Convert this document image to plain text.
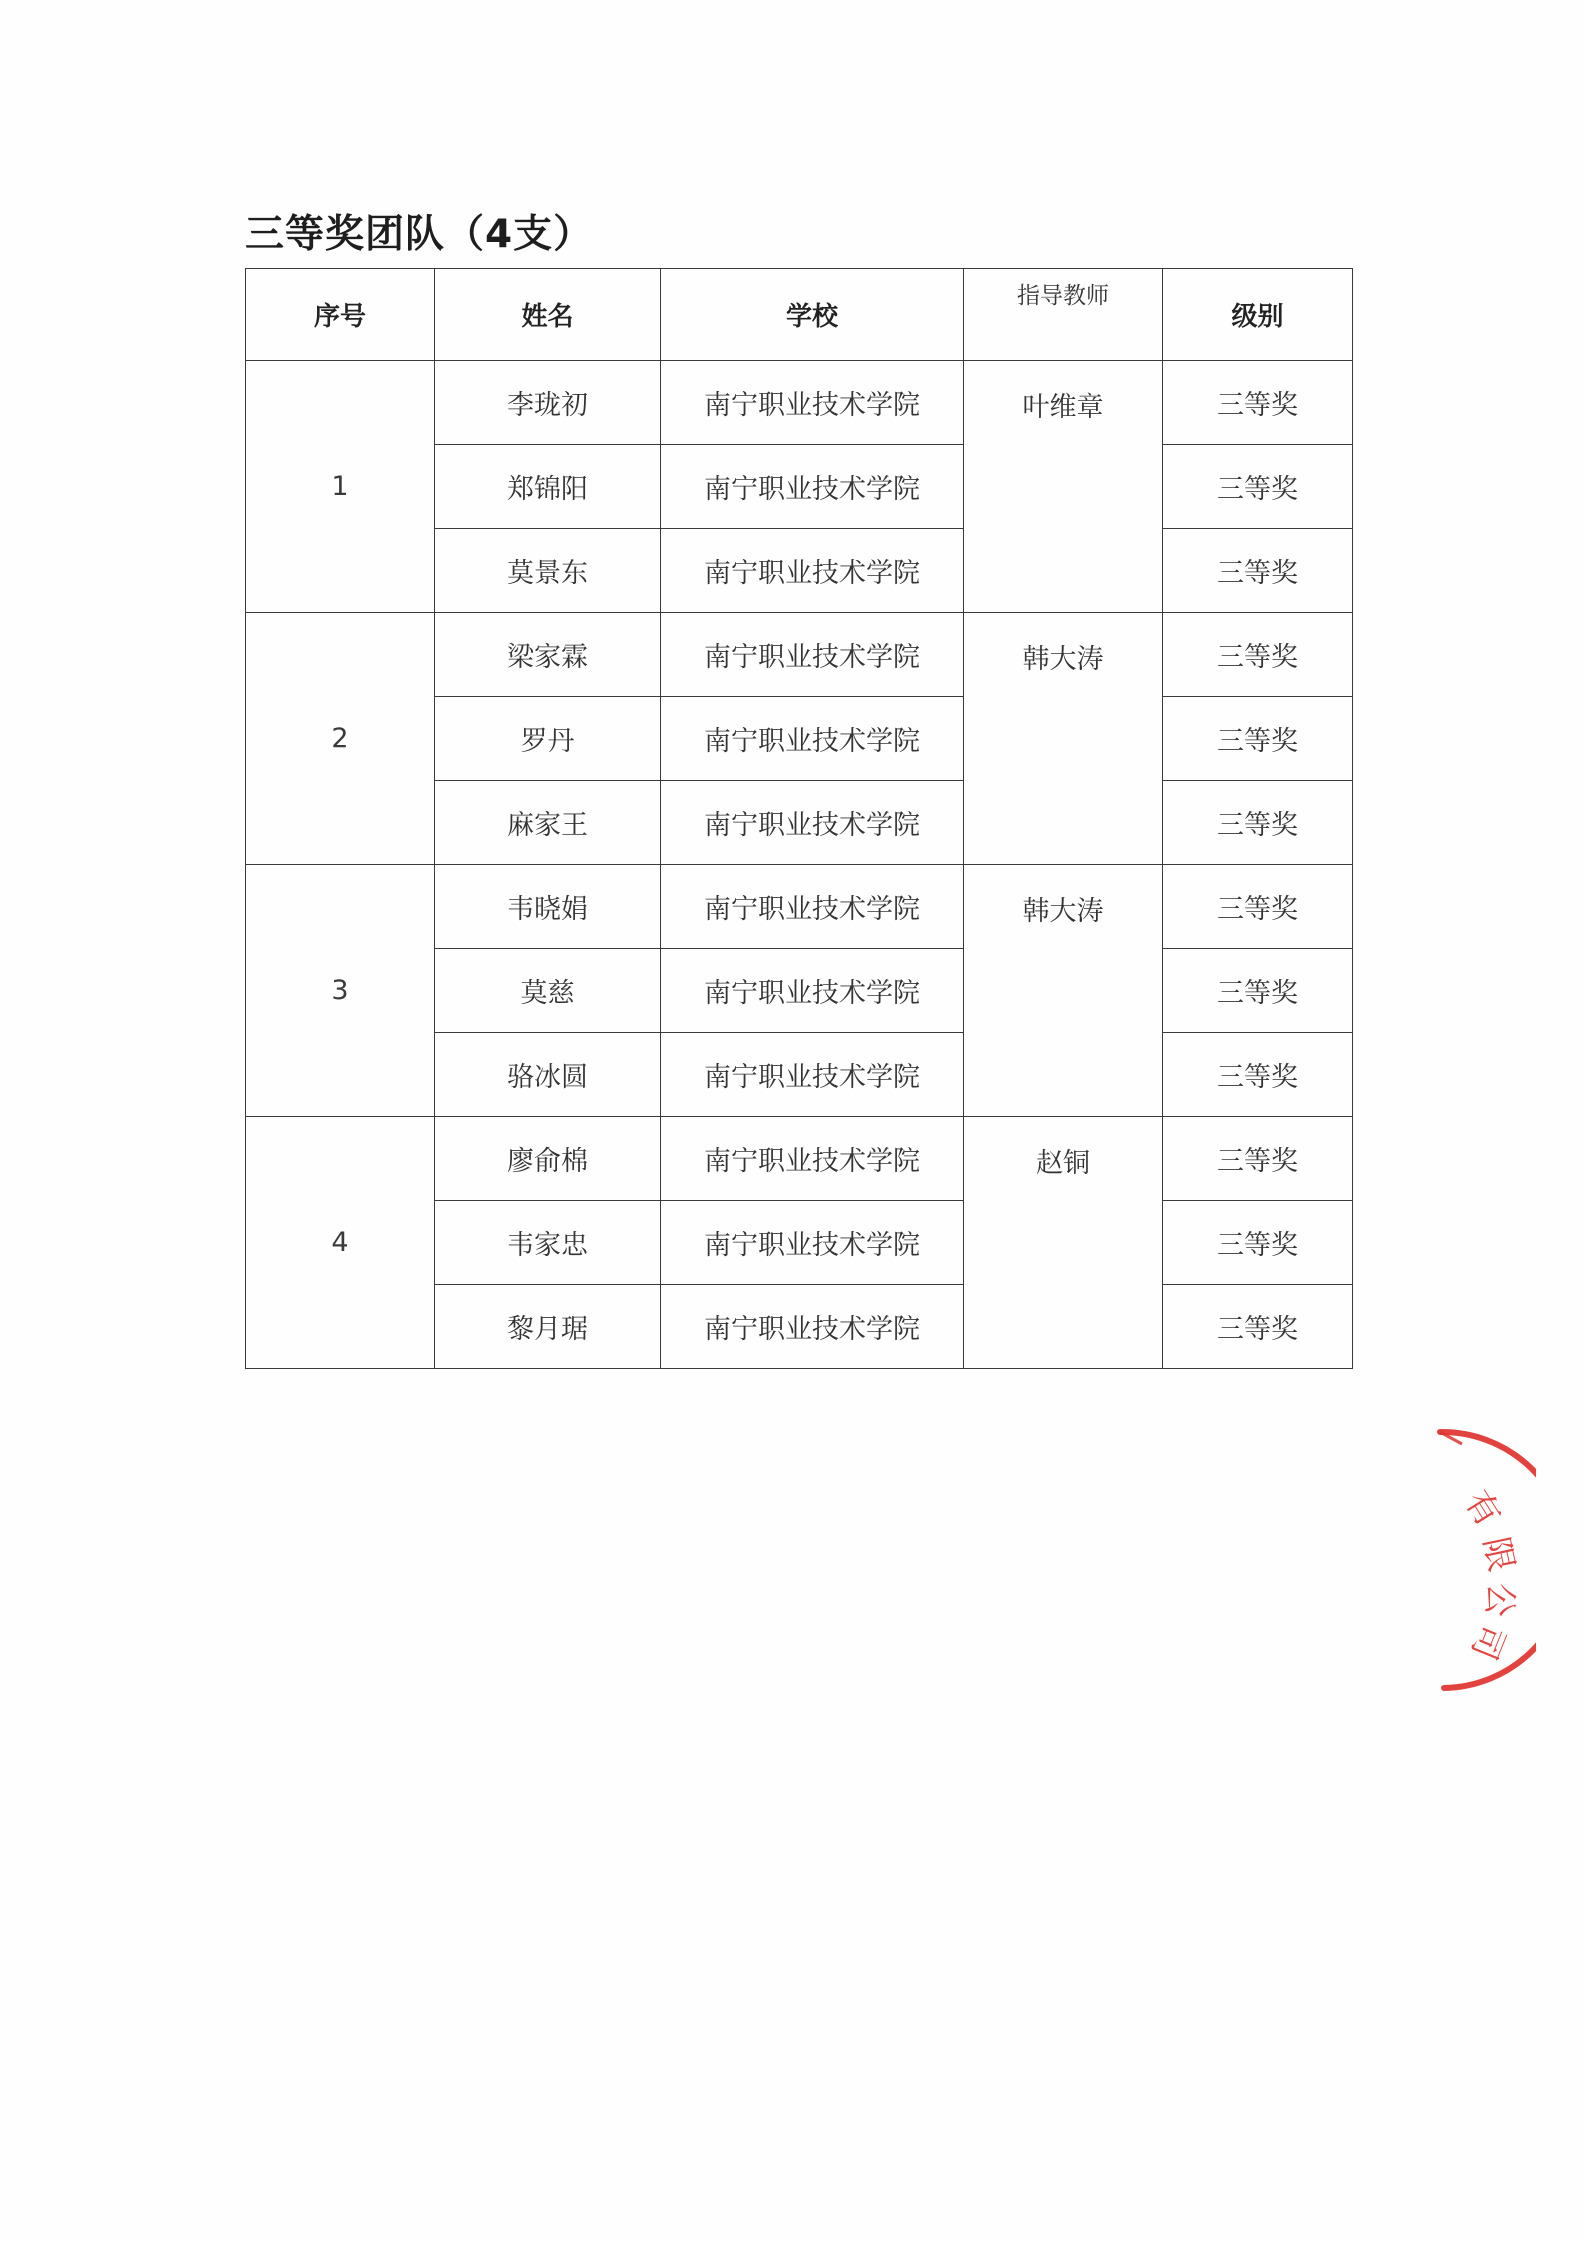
三等奖团队（4支）
序号	姓名	学校	指导教师	级别
1	李珑初	南宁职业技术学院	叶维章	三等奖
	郑锦阳	南宁职业技术学院		三等奖
	莫景东	南宁职业技术学院		三等奖
2	梁家霖	南宁职业技术学院	韩大涛	三等奖
	罗丹	南宁职业技术学院		三等奖
	麻家王	南宁职业技术学院		三等奖
3	韦晓娟	南宁职业技术学院	韩大涛	三等奖
	莫慈	南宁职业技术学院		三等奖
	骆冰圆	南宁职业技术学院		三等奖
4	廖俞棉	南宁职业技术学院	赵铜	三等奖
	韦家忠	南宁职业技术学院		三等奖
	黎月琚	南宁职业技术学院		三等奖
有
限
公
司
